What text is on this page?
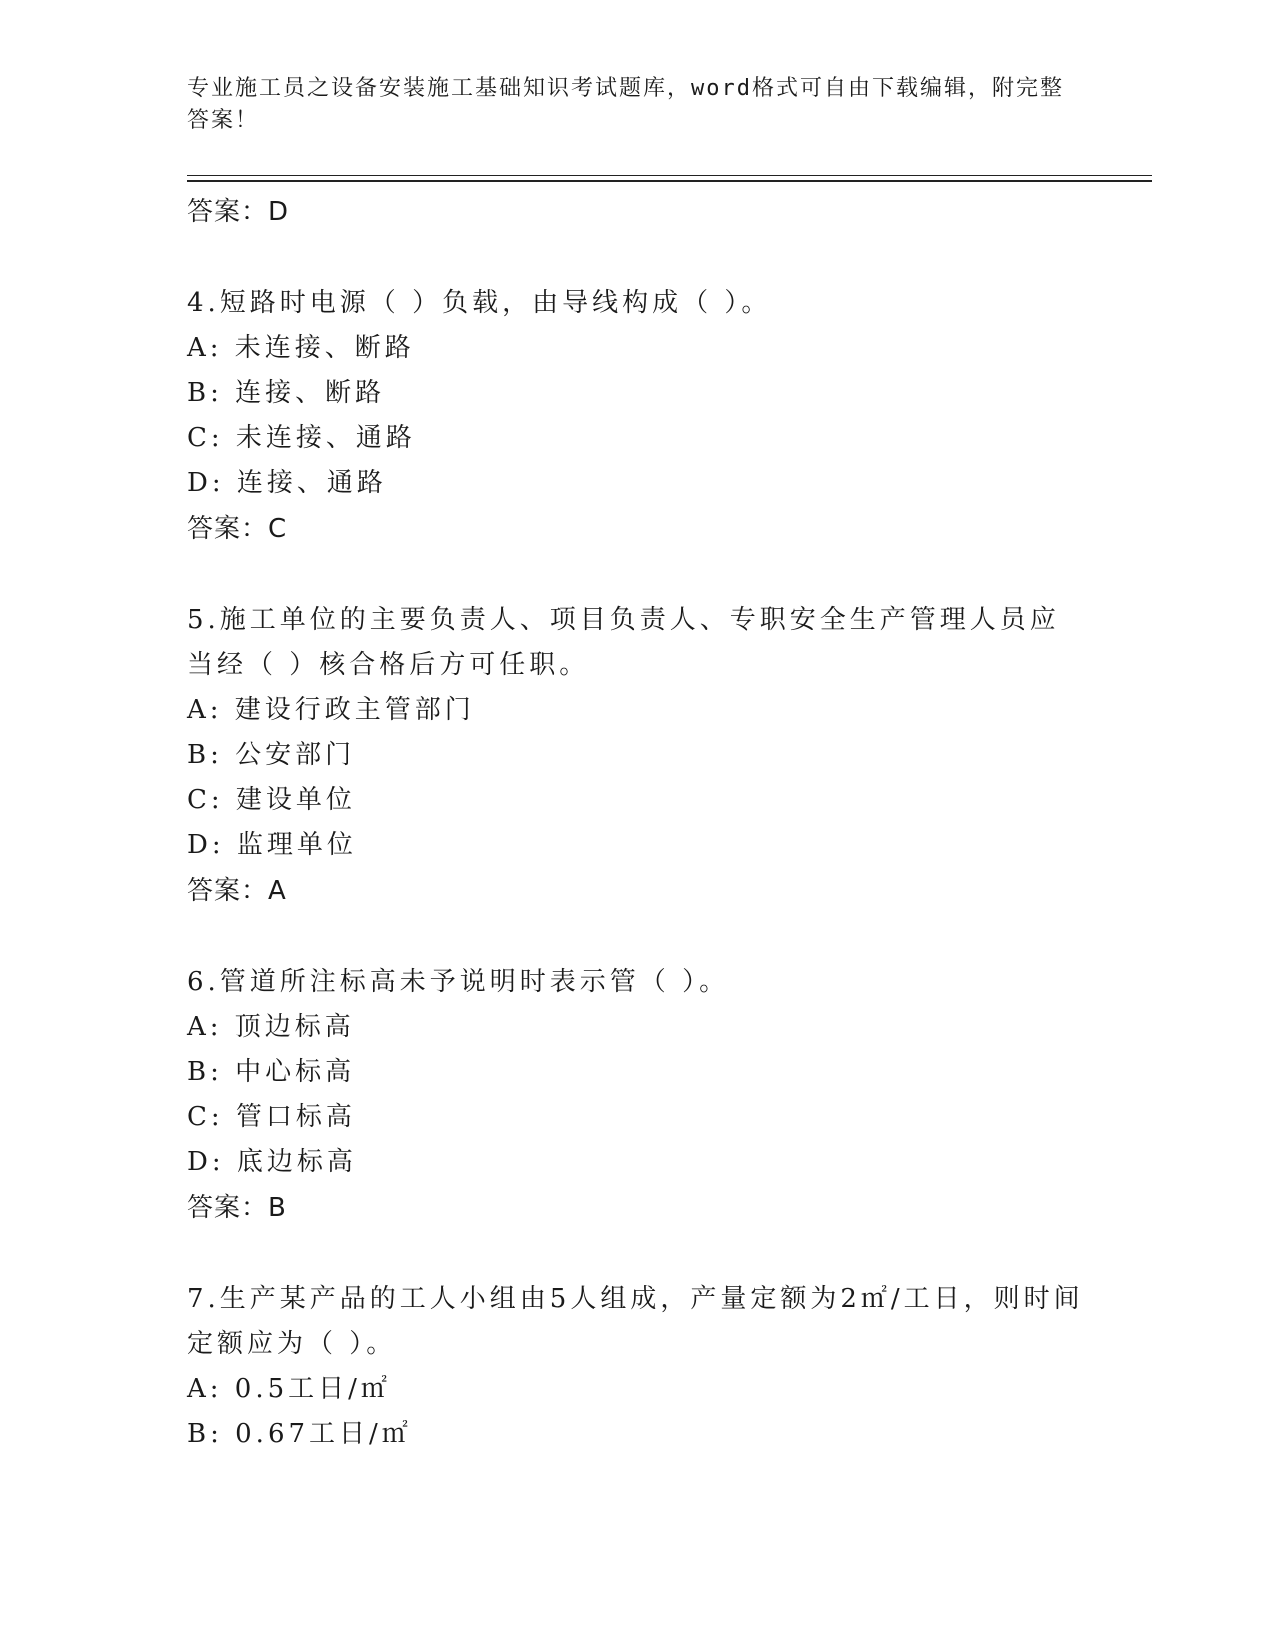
专业施工员之设备安装施工基础知识考试题库，word格式可自由下载编辑，附完整答案！
答案：D
4.短路时电源（ ）负载，由导线构成（ ）。
A: 未连接、断路
B: 连接、断路
C: 未连接、通路
D: 连接、通路
答案：C
5.施工单位的主要负责人、项目负责人、专职安全生产管理人员应当经（ ）核合格后方可任职。
A: 建设行政主管部门
B: 公安部门
C: 建设单位
D: 监理单位
答案：A
6.管道所注标高未予说明时表示管（ ）。
A: 顶边标高
B: 中心标高
C: 管口标高
D: 底边标高
答案：B
7.生产某产品的工人小组由5人组成，产量定额为2㎡/工日，则时间定额应为（ ）。
A: 0.5工日/㎡
B: 0.67工日/㎡
